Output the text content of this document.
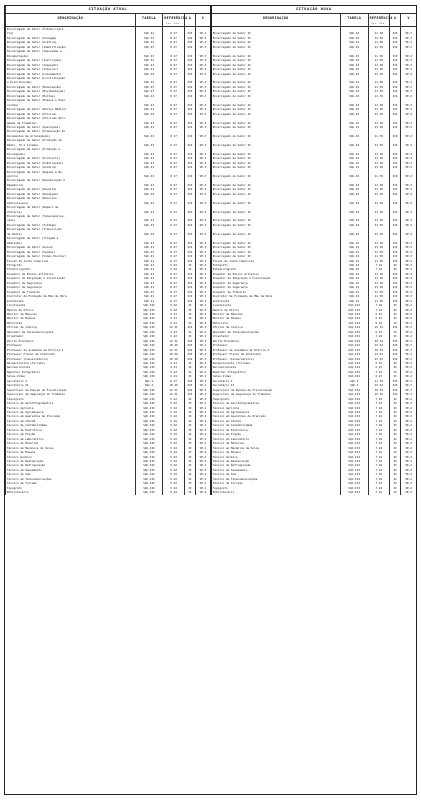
SITUAÇÃO ATUAL					SITUAÇÃO NOVA				
DENOMINAÇÃO	TABELA	REFERÊNCIA
Ini. Fin.	A	V	DENOMINAÇÃO	TABELA	REFERÊNCIA
Ini. Fin.	A	V
Encarregado de Setor (Fotomicrogra-									
fia)	SQC-II	8 27	III	VE-3	Encarregado de Setor II	SQC-II	11 30	III	VE-3
Encarregado de Setor (Garagem)	SQC-II	8 27	III	VE-3	Encarregado de Setor II	SQC-II	11 30	III	VE-3
Encarregado de Setor (Gráfica)	SQC-II	8 27	III	VE-3	Encarregado de Setor II	SQC-II	11 30	III	VE-3
Encarregado de Setor (Identificação)	SQC-II	8 27	III	VE-3	Encarregado de Setor II	SQC-II	11 30	III	VE-3
Encarregado de Setor (Impressão e									
Encadernação)	SQC-II	8 27	III	VE-3	Encarregado de Setor II	SQC-II	11 30	III	VE-3
Encarregado de Setor (Inscrições)	SQC-II	8 27	III	VE-3	Encarregado de Setor II	SQC-II	11 30	III	VE-3
Encarregado de Setor (Inspeção)	SQC-II	8 27	III	VE-3	Encarregado de Setor II	SQC-II	11 30	III	VE-3
Encarregado de Setor (Interior)	SQC-II	8 27	III	VE-3	Encarregado de Setor II	SQC-II	11 30	III	VE-3
Encarregado de Setor (Lançamento)	SQC-II	8 27	III	VE-3	Encarregado de Setor II	SQC-II	11 30	III	VE-3
Encarregado de Setor (Liciliteração									
e Distribuição)	SQC-II	8 27	III	VE-3	Encarregado de Setor II	SQC-II	11 30	III	VE-3
Encarregado de Setor (Manutenção)	SQC-II	8 27	III	VE-3	Encarregado de Setor II	SQC-II	11 30	III	VE-3
Encarregado de Setor (Movimentação)	SQC-II	8 27	III	VE-3	Encarregado de Setor II	SQC-II	11 30	III	VE-3
Encarregado de Setor (Multas)	SQC-II	8 27	III	VE-3	Encarregado de Setor II	SQC-II	11 30	III	VE-3
Encarregado de Setor (Museus e Expo-									
sições)	SQC-II	8 27	III	VE-3	Encarregado de Setor II	SQC-II	11 30	III	VE-3
Encarregado de Setor (Núcleo Médico)	SQC-II	8 27	III	VE-3	Encarregado de Setor II	SQC-II	11 30	III	VE-3
Encarregado de Setor (Oficina)	SQC-II	8 27	III	VE-3	Encarregado de Setor II	SQC-II	11 30	III	VE-3
Encarregado de Setor (Oficinas Abri-									
gadas de Trabalho)	SQC-II	8 27	III	VE-3	Encarregado de Setor II	SQC-II	11 30	III	VE-3
Encarregado de Setor (Operações)	SQC-II	8 27	III	VE-3	Encarregado de Setor II	SQC-II	11 30	III	VE-3
Encarregado de Setor (Preparação de									
Documentos de Arrecadação)	SQC-II	8 27	III	VE-3	Encarregado de Setor II	SQC-II	11 30	III	VE-3
Encarregado de Setor (Produção de									
Rádio, TV e Cinema)	SQC-II	8 27	III	VE-3	Encarregado de Setor II	SQC-II	11 30	III	VE-3
Encarregado de Setor (Promoção e									
Divulgação)	SQC-II	8 27	III	VE-3	Encarregado de Setor II	SQC-II	11 30	III	VE-3
Encarregado de Setor (Protocolo)	SQC-II	8 27	III	VE-3	Encarregado de Setor II	SQC-II	11 30	III	VE-3
Encarregado de Setor (Publicações)	SQC-II	8 27	III	VE-3	Encarregado de Setor II	SQC-II	11 30	III	VE-3
Encarregado de Setor (Química)	SQC-II	8 27	III	VE-3	Encarregado de Setor II	SQC-II	11 30	III	VE-3
Encarregado de Setor (Região e Re-									
gistro)	SQC-II	8 27	III	VE-3	Encarregado de Setor II	SQC-II	11 30	III	VE-3
Encarregado de Setor (Racemização e									
Pagadoria)	SQC-II	8 27	III	VE-3	Encarregado de Setor II	SQC-II	11 30	III	VE-3
Encarregado de Setor (Receita)	SQC-II	8 27	III	VE-3	Encarregado de Setor II	SQC-II	11 30	III	VE-3
Encarregado de Setor (Recepção)	SQC-II	8 27	III	VE-3	Encarregado de Setor II	SQC-II	11 30	III	VE-3
Encarregado de Setor (Recursos									
Audiovisuais)	SQC-II	8 27	III	VE-3	Encarregado de Setor II	SQC-II	11 30	III	VE-3
Encarregado de Setor (Reparo de									
Vidraria)	SQC-II	8 27	III	VE-3	Encarregado de Setor II	SQC-II	11 30	III	VE-3
Encarregado de Setor (Telecomunica-									
ções)	SQC-II	8 27	III	VE-3	Encarregado de Setor II	SQC-II	11 30	III	VE-3
Encarregado de Setor (Tráfego)	SQC-II	8 27	III	VE-3	Encarregado de Setor II	SQC-II	11 30	III	VE-3
Encarregado de Setor (Transcrição									
de Dados)	SQC-II	8 27	III	VE-3	Encarregado de Setor II	SQC-II	11 30	III	VE-3
Encarregado de Setor (Triagem e									
Admissão)	SQC-II	8 27	III	VE-3	Encarregado de Setor II	SQC-II	11 30	III	VE-3
Encarregado de Setor (Usina)	SQC-II	8 27	III	VE-3	Encarregado de Setor II	SQC-II	11 30	III	VE-3
Encarregado de Setor (Vendas)	SQC-II	8 27	III	VE-3	Encarregado de Setor II	SQC-II	11 30	III	VE-3
Encarregado de Setor (Vídeo Escolar)	SQC-II	8 27	III	VE-3	Encarregado de Setor II	SQC-II	11 30	III	VE-3
Fiscal de Junta Comercial	SQC-II	8 27	III	VE-3	Fiscal de Junta Comercial	SQC-II	11 30	III	VE-3
Fotógrafo	SQC-II	5 22	II	VE-3	Fotógrafo	SQC-II	7 24	II	VE-3
Fotomicrógrafo	SQC-II	5 22	II	VE-3	Fotomicrógrafo	SQC-II	7 24	II	VE-3
Inspetor de Ensino Artístico	SQC-II	8 27	III	VE-3	Inspetor de Ensino Artístico	SQC-II	11 30	III	VE-3
Inspetor de Imigração e Colonização	SQC-II	8 27	III	VE-3	Inspetor de Imigração e Colonização	SQC-II	11 30	III	VE-3
Inspetor de Segurança	SQC-II	8 27	III	VE-3	Inspetor de Segurança	SQC-II	11 30	III	VE-3
Inspetor de Segurança	SQC-II	8 27	III	VE-3	Inspetor de Segurança	SQC-II	11 30	III	VE-3
Inspetor de Trânsito	SQC-II	8 27	III	VE-3	Inspetor de Trânsito	SQC-II	11 30	III	VE-3
Instrutor de Formação de Mão de Obra	SQC-II	8 27	III	VE-3	Instrutor de Formação de Mão de Obra	SQC-II	11 30	III	VE-3
Intérprete	SQC-II	8 27	III	VE-3	Intérprete	SQC-II	11 30	III	VE-3
Linotipista	SQC-III	5 22	II	VE-2	Linotipista	SQC-III	7 24	II	VE-2
Mestre de Ofício	SQC-III	5 22	II	VE-2	Mestre de Ofício	SQC-III	7 24	II	VE-2
Monitor de Menores	SQC-III	4 21	II	VE-2	Monitor de Menores	SQC-III	6 23	II	VE-2
Monitor de Museus	SQC-III	4 21	II	VE-2	Monitor de Museus	SQC-III	6 23	II	VE-2
Motorista	SQC-III	4 21	II	VE-2	Motorista	SQC-III	6 23	II	VE-2
Oficial de Justiça	SQC-III	12 31	III	VE-3	Oficial de Justiça	SQC-III	15 34	III	VE-3
Operador de Telecomunicações	SQC-III	4 21	II	VE-2	Operador de Telecomunicações	SQC-III	6 23	II	VE-2
Orientador	SQC-III	5 22	II	VE-2	Orientador	SQC-III	7 24	II	VE-2
Perito Econômico	SQC-III	12 31	III	VE-3	Perito Econômico	SQC-III	15 34	III	VE-3
Professor	SQC-III	10 29	III	VE-3	Professor	SQC-III	13 32	III	VE-3
Professor de Academia de Polícia I	SQC-III	12 31	III	VE-3	Professor de Academia de Polícia I	SQC-III	15 34	III	VE-3
Professor Fiscal de Internato	SQC-III	10 29	III	VE-3	Professor Fiscal de Internato	SQC-III	13 32	III	VE-3
Professor (Conservatório)	SQC-III	10 29	III	VE-3	Professor (Conservatório)	SQC-III	13 32	III	VE-3
Recepcionista (Turismo)	SQC-III	4 21	II	VE-2	Recepcionista (Turismo)	SQC-III	6 23	II	VE-2
Recreacionista	SQC-III	4 21	II	VE-2	Recreacionista	SQC-III	6 23	II	VE-2
Repórter Fotográfico	SQC-III	5 22	II	VE-2	Repórter Fotográfico	SQC-III	7 24	II	VE-2
Sales-Vídeo	SQC-III	4 21	II	VE-2	Sales-Vídeo	SQC-III	6 23	II	VE-2
Secretário I	SQC-I	8 27	III	VE-3	Secretário I	SQC-I	11 30	III	VE-3
Secretário II	SQC-I	10 29	III	VE-3	Secretário II	SQC-I	13 32	III	VE-3
Supervisor de Equipe de Fiscalização	SQC-III	12 31	III	VE-3	Supervisor de Equipe de Fiscalização	SQC-III	15 34	III	VE-3
Supervisor de Segurança do Trabalho	SQC-III	12 31	III	VE-3	Supervisor de Segurança do Trabalho	SQC-III	15 34	III	VE-3
Taquígrafo	SQC-III	5 22	II	VE-2	Taquígrafo	SQC-III	7 24	II	VE-2
Técnico de Aerofotogrametria	SQC-III	5 22	II	VE-2	Técnico de Aerofotogrametria	SQC-III	7 24	II	VE-2
Técnico Agrícola	SQC-III	5 22	II	VE-2	Técnico Agrícola	SQC-III	7 24	II	VE-2
Técnico de Agrimensura	SQC-III	5 22	II	VE-2	Técnico de Agrimensura	SQC-III	7 24	II	VE-2
Técnico em Aparelhos de Precisão	SQC-III	5 22	II	VE-2	Técnico em Aparelhos de Precisão	SQC-III	7 24	II	VE-2
Técnico em Chuchê	SQC-III	5 22	II	VE-2	Técnico em Chuchê	SQC-III	7 24	II	VE-2
Técnico de Contabilidade	SQC-III	5 22	II	VE-2	Técnico de Contabilidade	SQC-III	7 24	II	VE-2
Técnico de Eletrônica	SQC-III	5 22	II	VE-2	Técnico de Eletrônica	SQC-III	7 24	II	VE-2
Técnico em Fiação	SQC-III	5 22	II	VE-2	Técnico em Fiação	SQC-III	7 24	II	VE-2
Técnico em Laboratório	SQC-III	5 22	II	VE-2	Técnico em Laboratório	SQC-III	7 24	II	VE-2
Técnico de Material	SQC-III	5 22	II	VE-2	Técnico de Material	SQC-III	7 24	II	VE-2
Técnico em Mecânica de Solos	SQC-III	5 22	II	VE-2	Técnico em Mecânica de Solos	SQC-III	7 24	II	VE-2
Técnico de Museus	SQC-III	5 22	II	VE-2	Técnico de Museus	SQC-III	7 24	II	VE-2
Técnico Químico	SQC-III	5 22	II	VE-2	Técnico Químico	SQC-III	7 24	II	VE-2
Técnico de Restauração	SQC-III	5 22	II	VE-2	Técnico de Restauração	SQC-III	7 24	II	VE-2
Técnico de Refrigeração	SQC-III	5 22	II	VE-2	Técnico de Refrigeração	SQC-III	7 24	II	VE-2
Técnico em Saneamento	SQC-III	5 22	II	VE-2	Técnico em Saneamento	SQC-III	7 24	II	VE-2
Técnico de Som	SQC-III	5 22	II	VE-2	Técnico de Som	SQC-III	7 24	II	VE-2
Técnico em Telecomunicações	SQC-III	5 22	II	VE-2	Técnico em Telecomunicações	SQC-III	7 24	II	VE-2
Técnico de Turismo	SQC-III	5 22	II	VE-2	Técnico de Turismo	SQC-III	7 24	II	VE-2
Topógrafo	SQC-III	5 22	II	VE-2	Topógrafo	SQC-III	7 24	II	VE-2
Bibliotecário	SQC-III	5 22	II	VE-2	Bibliotecário	SQC-III	7 24	II	VE-2
